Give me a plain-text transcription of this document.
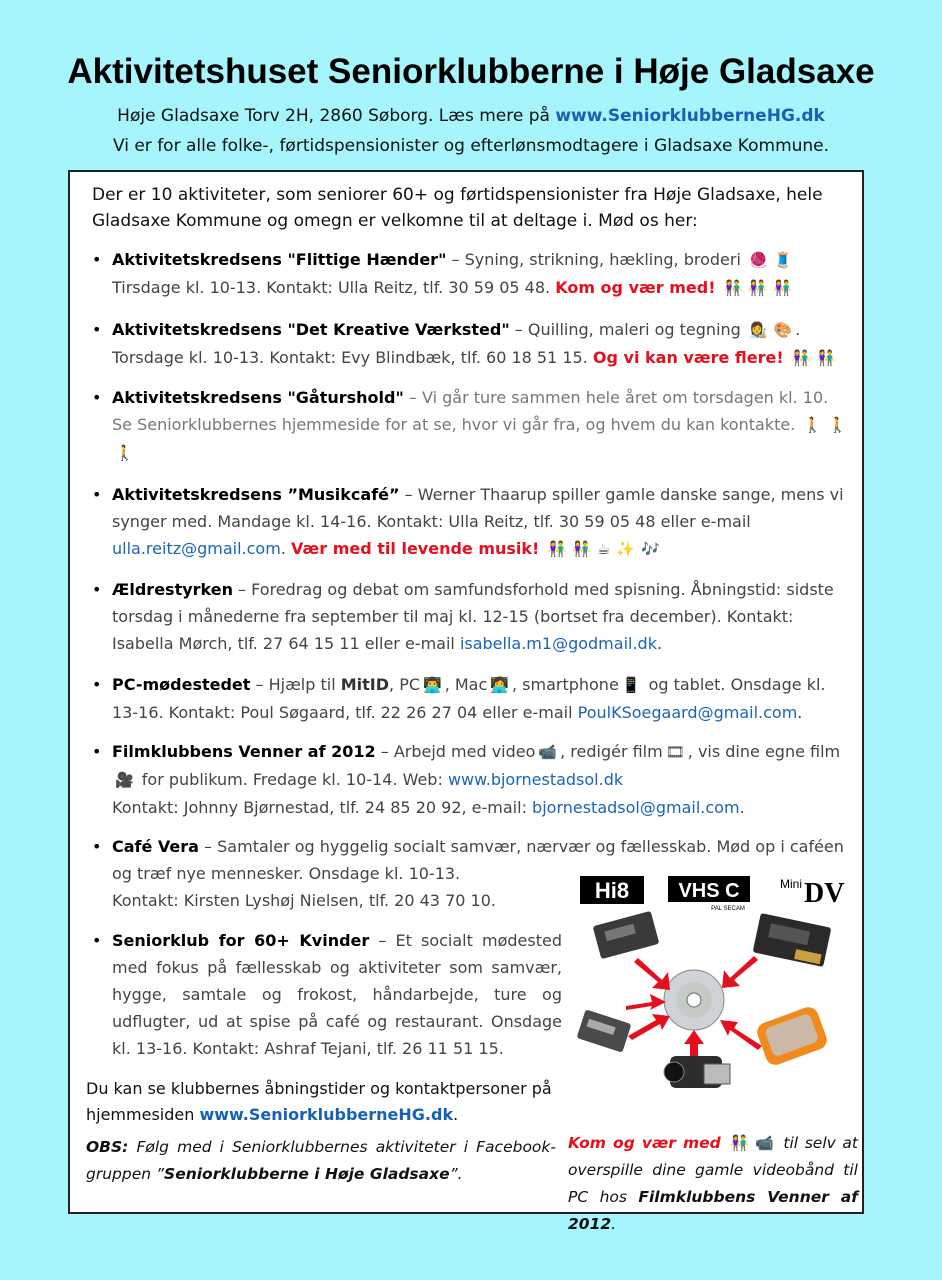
Aktivitetshuset Seniorklubberne i Høje Gladsaxe
Høje Gladsaxe Torv 2H, 2860 Søborg. Læs mere på www.SeniorklubberneHG.dk
Vi er for alle folke-, førtidspensionister og efterlønsmodtagere i Gladsaxe Kommune.
Der er 10 aktiviteter, som seniorer 60+ og førtidspensionister fra Høje Gladsaxe, hele Gladsaxe Kommune og omegn er velkomne til at deltage i. Mød os her:
• Aktivitetskredsens "Flittige Hænder" – Syning, strikning, hækling, broderi 🧶 🧵
Tirsdage kl. 10-13. Kontakt: Ulla Reitz, tlf. 30 59 05 48. Kom og vær med! 👫 👫 👫
• Aktivitetskredsens "Det Kreative Værksted" – Quilling, maleri og tegning 👩‍🎨 🎨 . Torsdage kl. 10-13. Kontakt: Evy Blindbæk, tlf. 60 18 51 15. Og vi kan være flere! 👫 👫
• Aktivitetskredsens "Gåturshold" – Vi går ture sammen hele året om torsdagen kl. 10. Se Seniorklubbernes hjemmeside for at se, hvor vi går fra, og hvem du kan kontakte. 🚶 🚶🚶
• Aktivitetskredsens ”Musikcafé” – Werner Thaarup spiller gamle danske sange, mens vi synger med. Mandage kl. 14-16. Kontakt: Ulla Reitz, tlf. 30 59 05 48 eller e-mail ulla.reitz@gmail.com. Vær med til levende musik! 👫 👫 ☕ ✨ 🎶
• Ældrestyrken – Foredrag og debat om samfundsforhold med spisning. Åbningstid: sidste torsdag i månederne fra september til maj kl. 12-15 (bortset fra december). Kontakt: Isabella Mørch, tlf. 27 64 15 11 eller e-mail isabella.m1@godmail.dk.
• PC-mødestedet – Hjælp til MitID, PC 👨‍💻 , Mac 👩‍💻 , smartphone 📱 og tablet. Onsdage kl. 13-16. Kontakt: Poul Søgaard, tlf. 22 26 27 04 eller e-mail PoulKSoegaard@gmail.com.
• Filmklubbens Venner af 2012 – Arbejd med video 📹 , redigér film 🎞 , vis dine egne film🎥 for publikum. Fredage kl. 10-14. Web: www.bjornestadsol.dk
Kontakt: Johnny Bjørnestad, tlf. 24 85 20 92, e-mail: bjornestadsol@gmail.com.
• Café Vera – Samtaler og hyggelig socialt samvær, nærvær og fællesskab. Mød op i caféen og træf nye mennesker. Onsdage kl. 10-13.
Kontakt: Kirsten Lyshøj Nielsen, tlf. 20 43 70 10.
• Seniorklub for 60+ Kvinder – Et socialt mødested med fokus på fællesskab og aktiviteter som samvær, hygge, samtale og frokost, håndarbejde, ture og udflugter, ud at spise på café og restaurant. Onsdage kl. 13-16. Kontakt: Ashraf Tejani, tlf. 26 11 51 15.
Du kan se klubbernes åbningstider og kontaktpersoner på hjemmesiden www.SeniorklubberneHG.dk.
OBS: Følg med i Seniorklubbernes aktiviteter i Facebook-gruppen ”Seniorklubberne i Høje Gladsaxe”.
Hi8 VHS C
PAL SECAM
Mini DV
Kom og vær med 👫 📹 til selv at overspille dine gamle videobånd til PC hos Filmklubbens Venner af 2012.
